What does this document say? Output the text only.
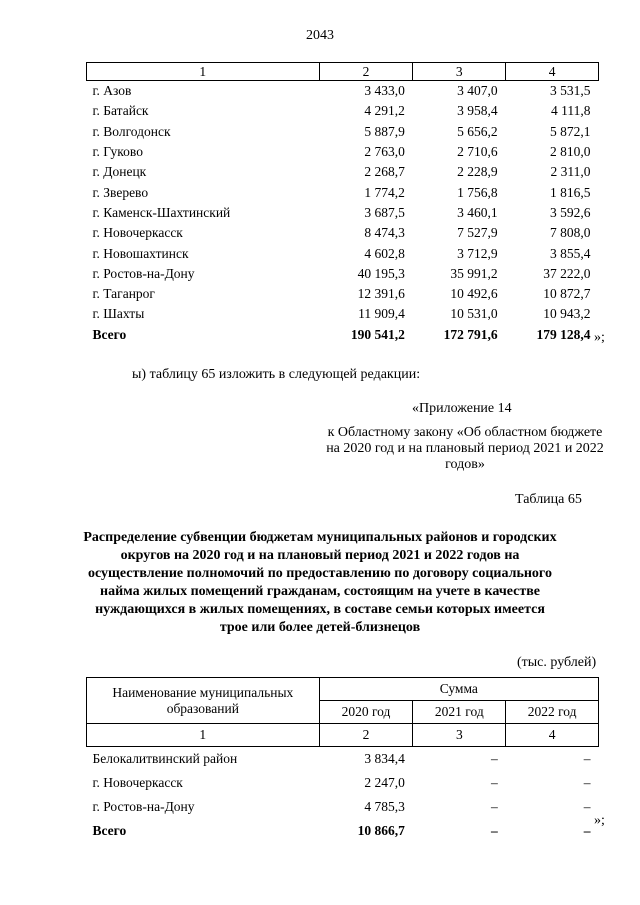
2043
1	2	3	4
г. Азов	3 433,0	3 407,0	3 531,5
г. Батайск	4 291,2	3 958,4	4 111,8
г. Волгодонск	5 887,9	5 656,2	5 872,1
г. Гуково	2 763,0	2 710,6	2 810,0
г. Донецк	2 268,7	2 228,9	2 311,0
г. Зверево	1 774,2	1 756,8	1 816,5
г. Каменск-Шахтинский	3 687,5	3 460,1	3 592,6
г. Новочеркасск	8 474,3	7 527,9	7 808,0
г. Новошахтинск	4 602,8	3 712,9	3 855,4
г. Ростов-на-Дону	40 195,3	35 991,2	37 222,0
г. Таганрог	12 391,6	10 492,6	10 872,7
г. Шахты	11 909,4	10 531,0	10 943,2
Всего	190 541,2	172 791,6	179 128,4 »;
ы) таблицу 65 изложить в следующей редакции:
«Приложение 14
к Областному закону «Об областном бюджете на 2020 год и на плановый период 2021 и 2022 годов»
Таблица 65
Распределение субвенции бюджетам муниципальных районов и городских округов на 2020 год и на плановый период 2021 и 2022 годов на осуществление полномочий по предоставлению по договору социального найма жилых помещений гражданам, состоящим на учете в качестве нуждающихся в жилых помещениях, в составе семьи которых имеется трое или более детей-близнецов
(тыс. рублей)
Наименование муниципальных образований	Сумма		
	2020 год	2021 год	2022 год
1	2	3	4
Белокалитвинский район	3 834,4	–	–
г. Новочеркасск	2 247,0	–	–
г. Ростов-на-Дону	4 785,3	–	–
Всего	10 866,7	–	–
»;
